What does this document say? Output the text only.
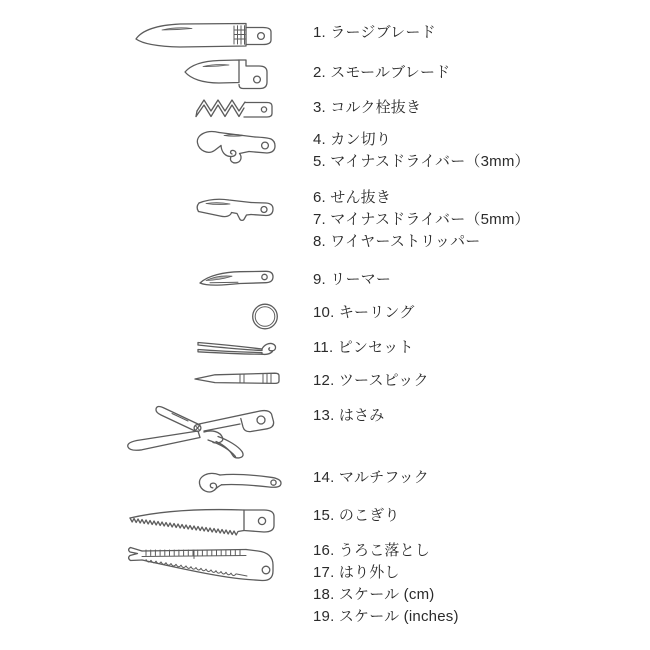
1. ラージブレード
2. スモールブレード
3. コルク栓抜き
4. カン切り
5. マイナスドライバー（3mm）
6. せん抜き
7. マイナスドライバー（5mm）
8. ワイヤーストリッパー
9. リーマー
10. キーリング
11. ピンセット
12. ツースピック
13. はさみ
14. マルチフック
15. のこぎり
16. うろこ落とし
17. はり外し
18. スケール (cm)
19. スケール (inches)
